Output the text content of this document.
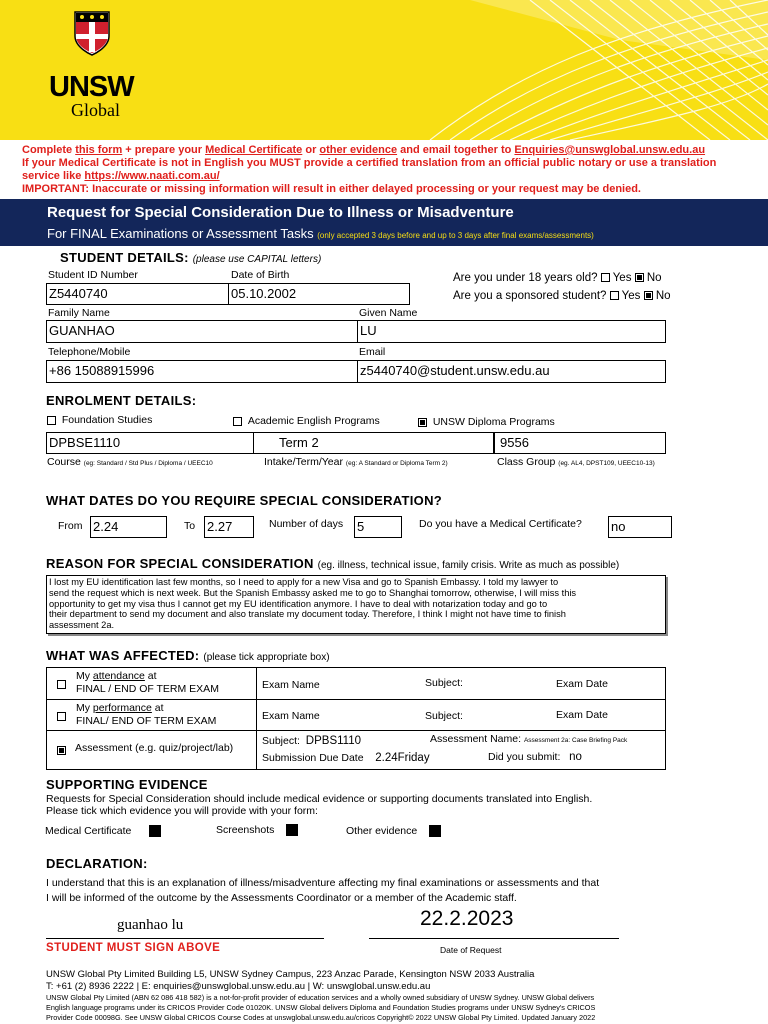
UNSW
Global
Complete this form + prepare your Medical Certificate or other evidence and email together to Enquiries@unswglobal.unsw.edu.au
If your Medical Certificate is not in English you MUST provide a certified translation from an official public notary or use a translation
service like https://www.naati.com.au/
IMPORTANT: Inaccurate or missing information will result in either delayed processing or your request may be denied.
Request for Special Consideration Due to Illness or Misadventure
For FINAL Examinations or Assessment Tasks (only accepted 3 days before and up to 3 days after final exams/assessments)
STUDENT DETAILS: (please use CAPITAL letters)
Student ID Number	Date of Birth
Z5440740	05.10.2002
Are you under 18 years old?  Yes No
Are you a sponsored student?  Yes No
Family Name	Given Name
GUANHAO	LU
Telephone/Mobile	Email
+86 15088915996	z5440740@student.unsw.edu.au
ENROLMENT DETAILS:
Foundation Studies	Academic English Programs	UNSW Diploma Programs
DPBSE1110	Term 2	9556
Course (eg: Standard / Std Plus / Diploma / UEEC10	Intake/Term/Year (eg: A Standard or Diploma Term 2)	Class Group (eg. AL4, DPST109, UEEC10-13)
WHAT DATES DO YOU REQUIRE SPECIAL CONSIDERATION?
From 2.24	To 2.27	Number of days 5	Do you have a Medical Certificate? no
REASON FOR SPECIAL CONSIDERATION (eg. illness, technical issue, family crisis. Write as much as possible)
I lost my EU identification last few months, so I need to apply for a new Visa and go to Spanish Embassy. I told my lawyer to
send the request which is next week. But the Spanish Embassy asked me to go to Shanghai tomorrow, otherwise, I will miss this
opportunity to get my visa thus I cannot get my EU identification anymore. I have to deal with notarization today and go to
their department to send my document and also translate my document today. Therefore, I think I might not have time to finish
assessment 2a.
WHAT WAS AFFECTED: (please tick appropriate box)
My attendance at
FINAL / END OF TERM EXAM	Exam Name	Subject:	Exam Date
My performance at
FINAL/ END OF TERM EXAM	Exam Name	Subject:	Exam Date
Assessment (e.g. quiz/project/lab)
Subject: DPBS1110	Assessment Name: Assessment 2a: Case Briefing Pack
Submission Due Date 2.24Friday	Did you submit: no
SUPPORTING EVIDENCE
Requests for Special Consideration should include medical evidence or supporting documents translated into English.
Please tick which evidence you will provide with your form:
Medical Certificate	Screenshots	Other evidence
DECLARATION:
I understand that this is an explanation of illness/misadventure affecting my final examinations or assessments and that
I will be informed of the outcome by the Assessments Coordinator or a member of the Academic staff.
guanhao lu	22.2.2023
STUDENT MUST SIGN ABOVE	Date of Request
UNSW Global Pty Limited Building L5, UNSW Sydney Campus, 223 Anzac Parade, Kensington NSW 2033 Australia
T: +61 (2) 8936 2222 | E: enquiries@unswglobal.unsw.edu.au | W: unswglobal.unsw.edu.au
UNSW Global Pty Limited (ABN 62 086 418 582) is a not-for-profit provider of education services and a wholly owned subsidiary of UNSW Sydney. UNSW Global delivers
English language programs under its CRICOS Provider Code 01020K. UNSW Global delivers Diploma and Foundation Studies programs under UNSW Sydney's CRICOS
Provider Code 00098G. See UNSW Global CRICOS Course Codes at unswglobal.unsw.edu.au/cricos Copyright© 2022 UNSW Global Pty Limited. Updated January 2022
